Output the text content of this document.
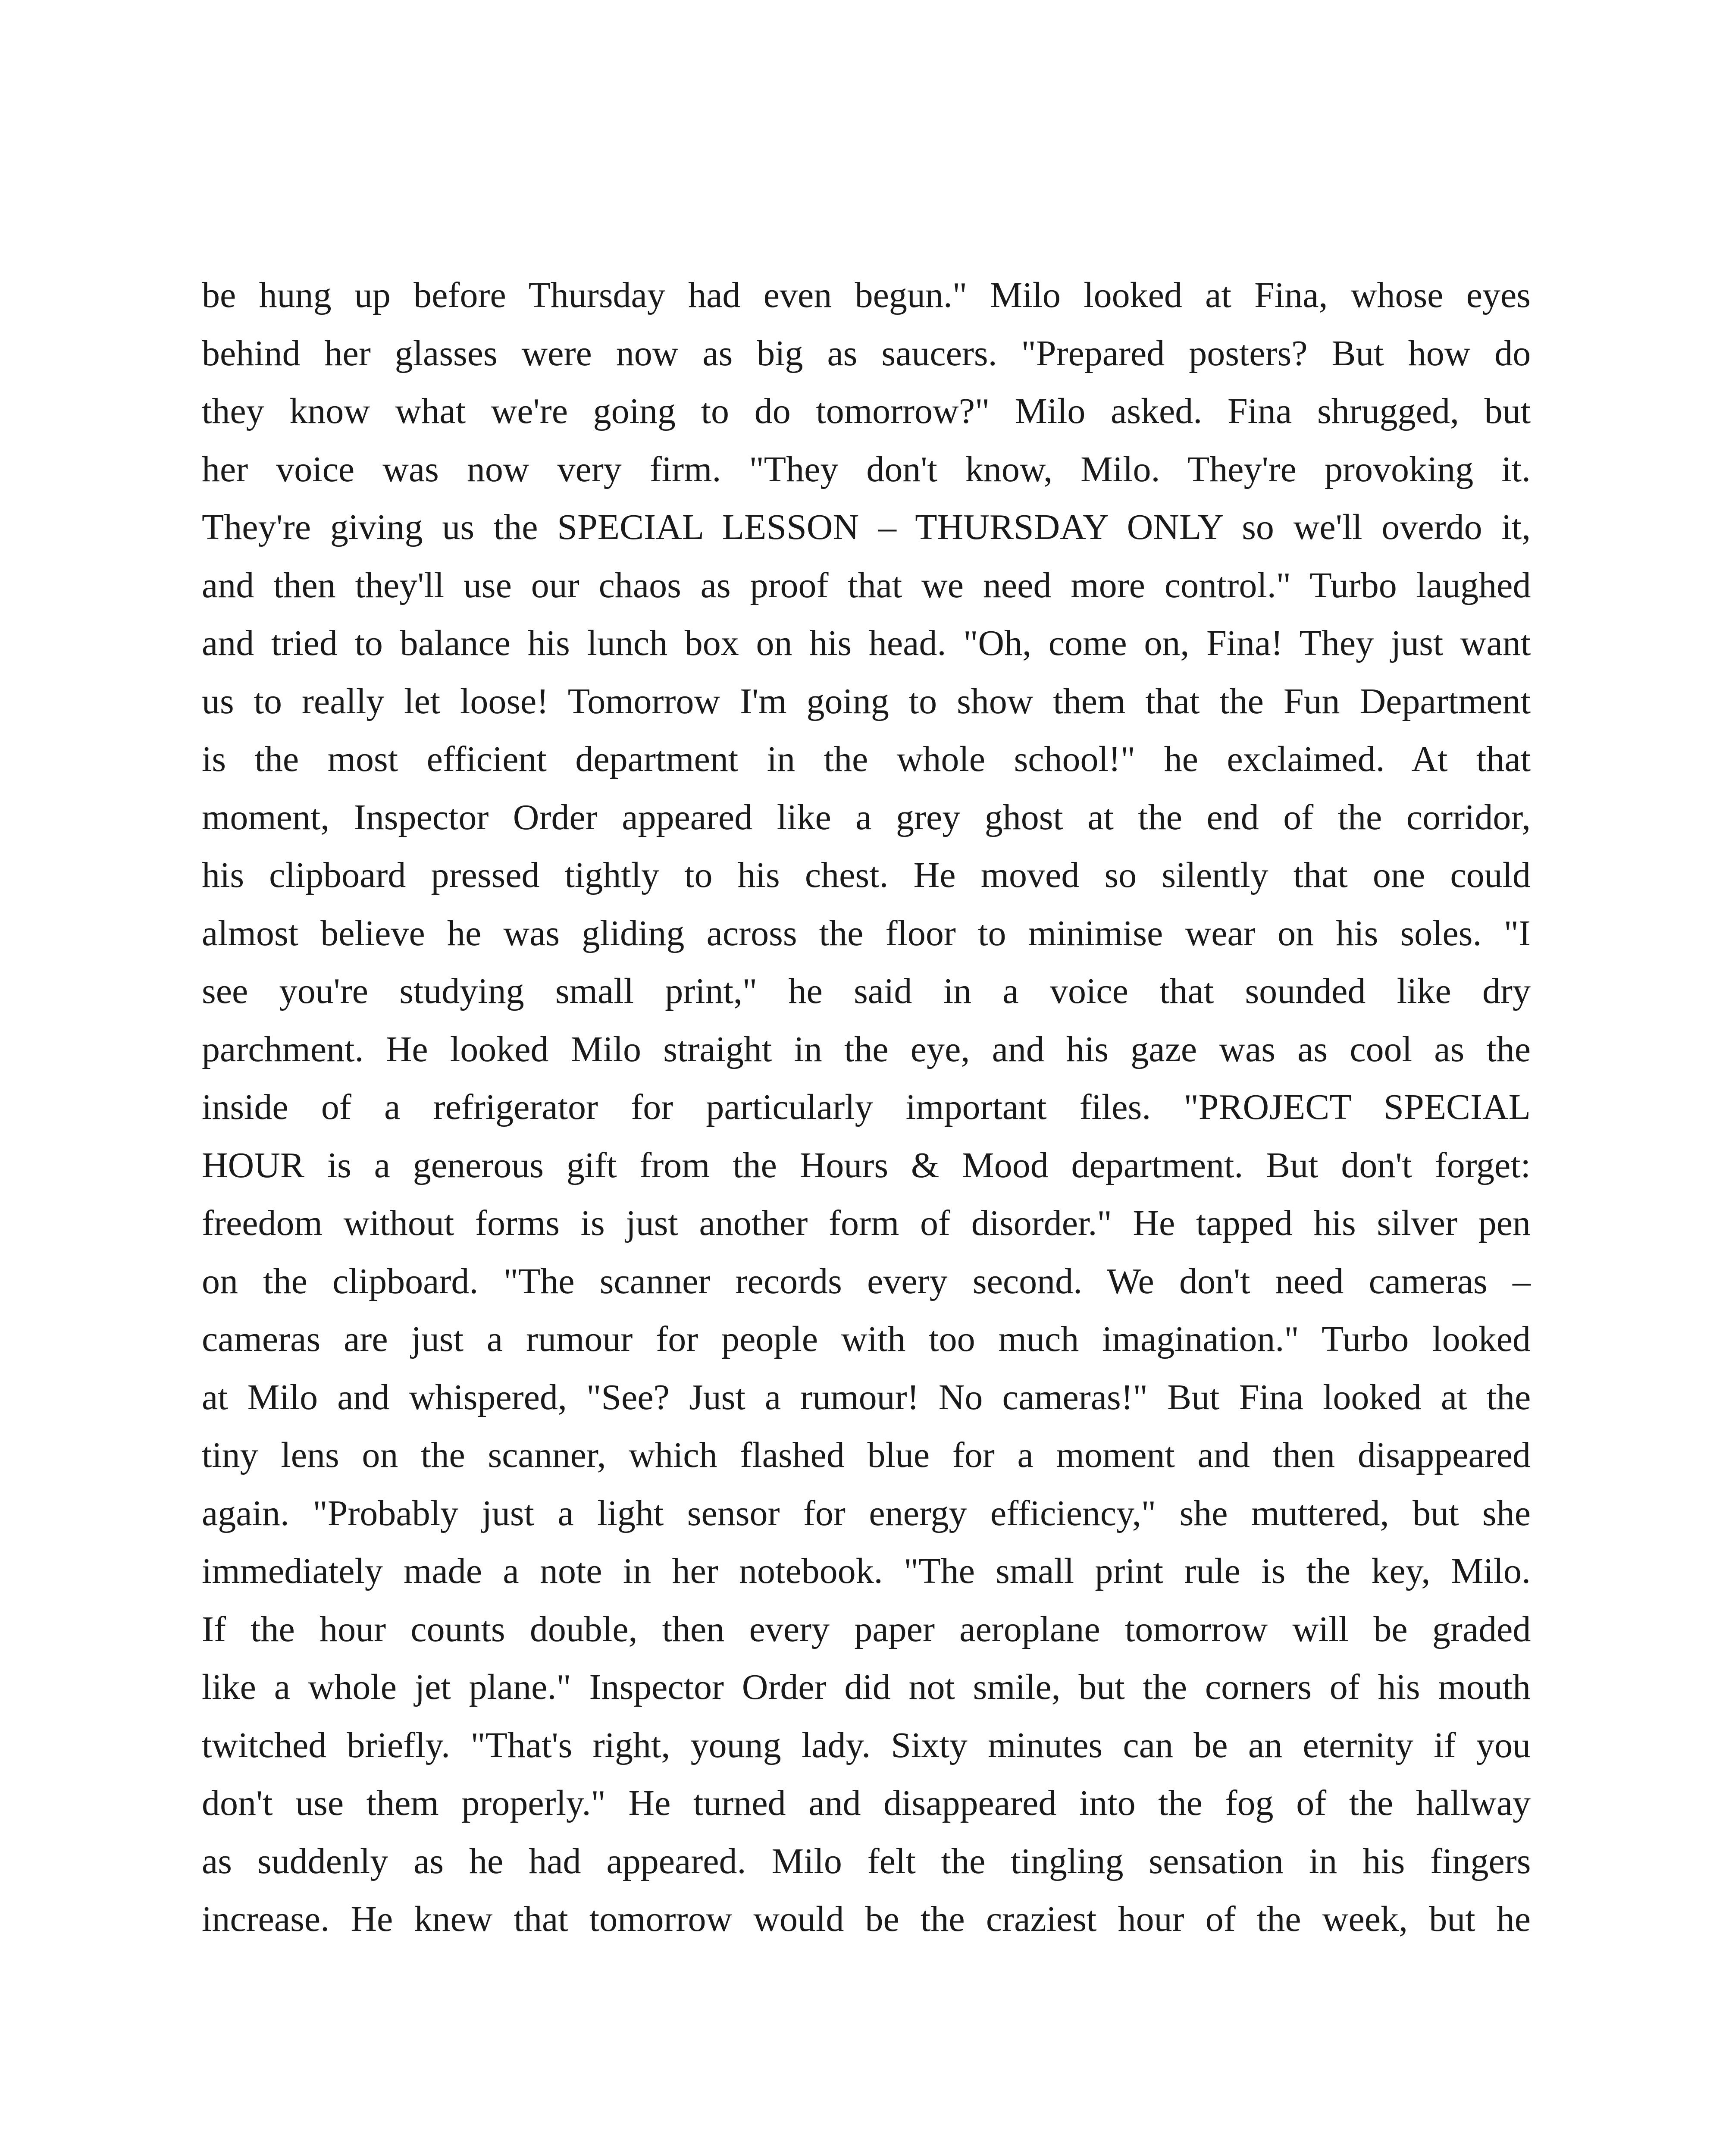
be hung up before Thursday had even begun." Milo looked at Fina, whose eyes
behind her glasses were now as big as saucers. "Prepared posters? But how do
they know what we're going to do tomorrow?" Milo asked. Fina shrugged, but
her voice was now very firm. "They don't know, Milo. They're provoking it.
They're giving us the SPECIAL LESSON – THURSDAY ONLY so we'll overdo it,
and then they'll use our chaos as proof that we need more control." Turbo laughed
and tried to balance his lunch box on his head. "Oh, come on, Fina! They just want
us to really let loose! Tomorrow I'm going to show them that the Fun Department
is the most efficient department in the whole school!" he exclaimed. At that
moment, Inspector Order appeared like a grey ghost at the end of the corridor,
his clipboard pressed tightly to his chest. He moved so silently that one could
almost believe he was gliding across the floor to minimise wear on his soles. "I
see you're studying small print," he said in a voice that sounded like dry
parchment. He looked Milo straight in the eye, and his gaze was as cool as the
inside of a refrigerator for particularly important files. "PROJECT SPECIAL
HOUR is a generous gift from the Hours & Mood department. But don't forget:
freedom without forms is just another form of disorder." He tapped his silver pen
on the clipboard. "The scanner records every second. We don't need cameras –
cameras are just a rumour for people with too much imagination." Turbo looked
at Milo and whispered, "See? Just a rumour! No cameras!" But Fina looked at the
tiny lens on the scanner, which flashed blue for a moment and then disappeared
again. "Probably just a light sensor for energy efficiency," she muttered, but she
immediately made a note in her notebook. "The small print rule is the key, Milo.
If the hour counts double, then every paper aeroplane tomorrow will be graded
like a whole jet plane." Inspector Order did not smile, but the corners of his mouth
twitched briefly. "That's right, young lady. Sixty minutes can be an eternity if you
don't use them properly." He turned and disappeared into the fog of the hallway
as suddenly as he had appeared. Milo felt the tingling sensation in his fingers
increase. He knew that tomorrow would be the craziest hour of the week, but he
